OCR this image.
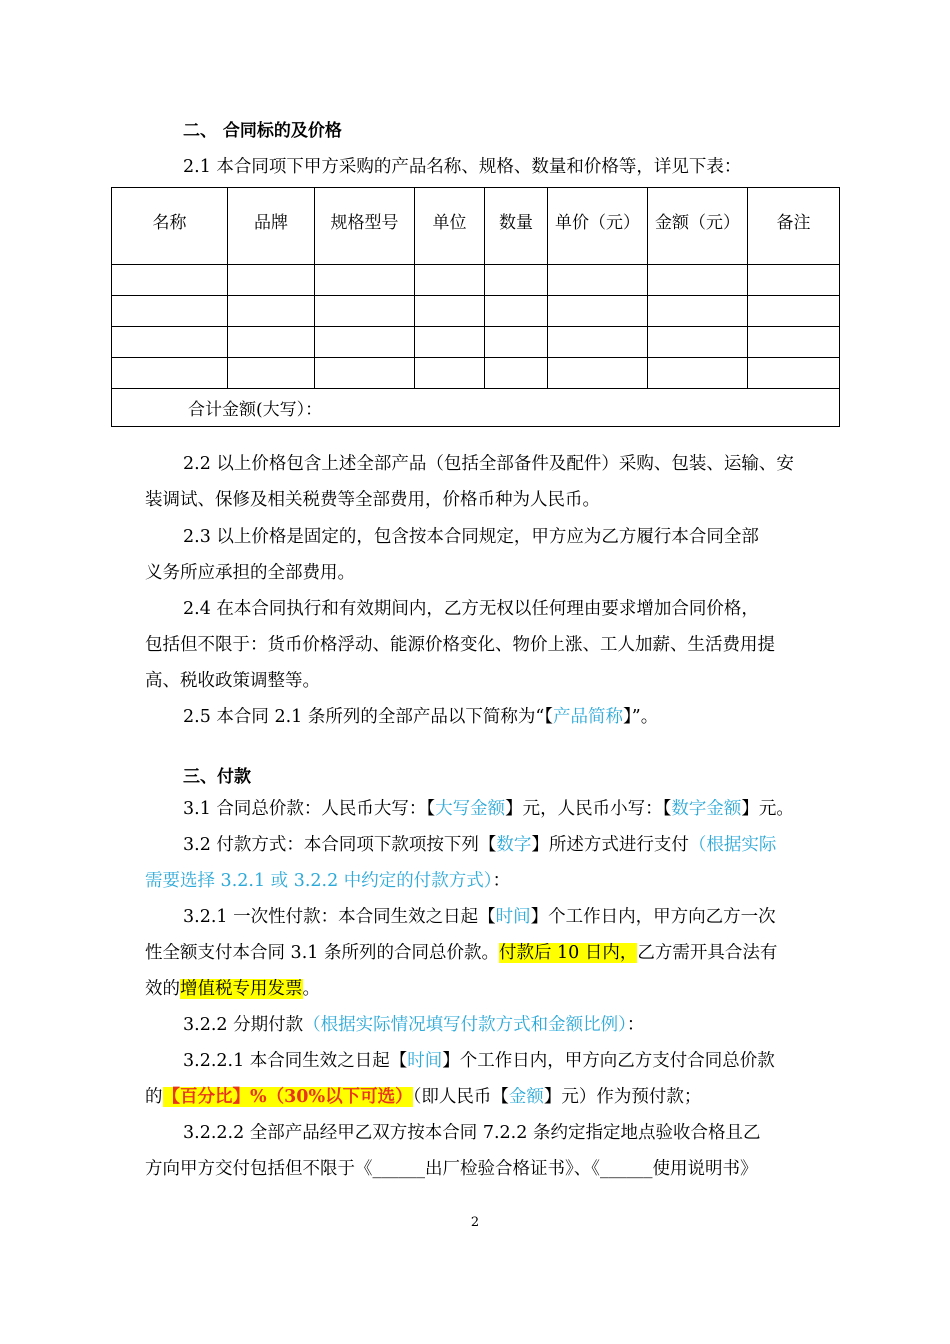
二、 合同标的及价格
2.1 本合同项下甲方采购的产品名称、规格、数量和价格等，详见下表：
名称	品牌	规格型号	单位	数量	单价（元）	金额（元）	备注

合计金额(大写）：							
2.2 以上价格包含上述全部产品（包括全部备件及配件）采购、包装、运输、安
装调试、保修及相关税费等全部费用，价格币种为人民币。
2.3 以上价格是固定的，包含按本合同规定，甲方应为乙方履行本合同全部
义务所应承担的全部费用。
2.4 在本合同执行和有效期间内，乙方无权以任何理由要求增加合同价格，
包括但不限于：货币价格浮动、能源价格变化、物价上涨、工人加薪、生活费用提
高、税收政策调整等。
2.5 本合同 2.1 条所列的全部产品以下简称为“【产品简称】”。
三、付款
3.1 合同总价款：人民币大写：【大写金额】元，人民币小写：【数字金额】元。
3.2 付款方式：本合同项下款项按下列【数字】所述方式进行支付（根据实际
需要选择 3.2.1 或 3.2.2 中约定的付款方式）：
3.2.1 一次性付款：本合同生效之日起【时间】个工作日内，甲方向乙方一次
性全额支付本合同 3.1 条所列的合同总价款。付款后 10 日内，乙方需开具合法有
效的增值税专用发票。
3.2.2 分期付款（根据实际情况填写付款方式和金额比例）：
3.2.2.1 本合同生效之日起【时间】个工作日内，甲方向乙方支付合同总价款
的【百分比】%（30%以下可选）（即人民币【金额】元）作为预付款；
3.2.2.2 全部产品经甲乙双方按本合同 7.2.2 条约定指定地点验收合格且乙
方向甲方交付包括但不限于《______出厂检验合格证书》、《______使用说明书》
2
